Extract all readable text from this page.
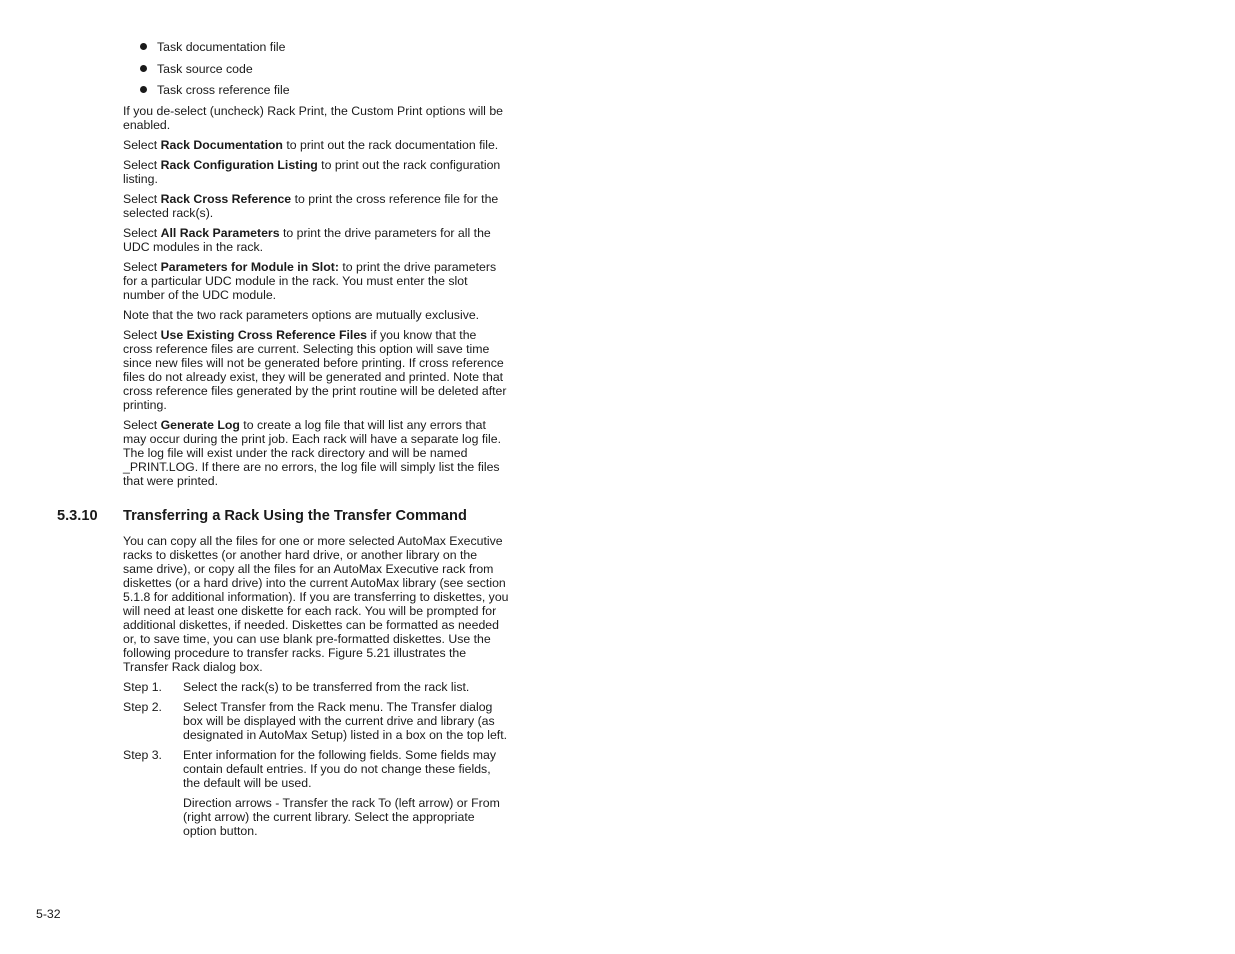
Task documentation file
Task source code
Task cross reference file

If you de-select (uncheck) Rack Print, the Custom Print options will be enabled.

Select Rack Documentation to print out the rack documentation file.

Select Rack Configuration Listing to print out the rack configuration listing.

Select Rack Cross Reference to print the cross reference file for the selected rack(s).

Select All Rack Parameters to print the drive parameters for all the UDC modules in the rack.

Select Parameters for Module in Slot: to print the drive parameters for a particular UDC module in the rack. You must enter the slot number of the UDC module.

Note that the two rack parameters options are mutually exclusive.

Select Use Existing Cross Reference Files if you know that the cross reference files are current. Selecting this option will save time since new files will not be generated before printing. If cross reference files do not already exist, they will be generated and printed. Note that cross reference files generated by the print routine will be deleted after printing.

Select Generate Log to create a log file that will list any errors that may occur during the print job. Each rack will have a separate log file. The log file will exist under the rack directory and will be named _PRINT.LOG. If there are no errors, the log file will simply list the files that were printed.

5.3.10 Transferring a Rack Using the Transfer Command

You can copy all the files for one or more selected AutoMax Executive racks to diskettes (or another hard drive, or another library on the same drive), or copy all the files for an AutoMax Executive rack from diskettes (or a hard drive) into the current AutoMax library (see section 5.1.8 for additional information). If you are transferring to diskettes, you will need at least one diskette for each rack. You will be prompted for additional diskettes, if needed. Diskettes can be formatted as needed or, to save time, you can use blank pre-formatted diskettes. Use the following procedure to transfer racks. Figure 5.21 illustrates the Transfer Rack dialog box.

Step 1.	Select the rack(s) to be transferred from the rack list.
Step 2.	Select Transfer from the Rack menu. The Transfer dialog box will be displayed with the current drive and library (as designated in AutoMax Setup) listed in a box on the top left.
Step 3.	Enter information for the following fields. Some fields may contain default entries. If you do not change these fields, the default will be used.

Direction arrows - Transfer the rack To (left arrow) or From (right arrow) the current library. Select the appropriate option button.

5-32
